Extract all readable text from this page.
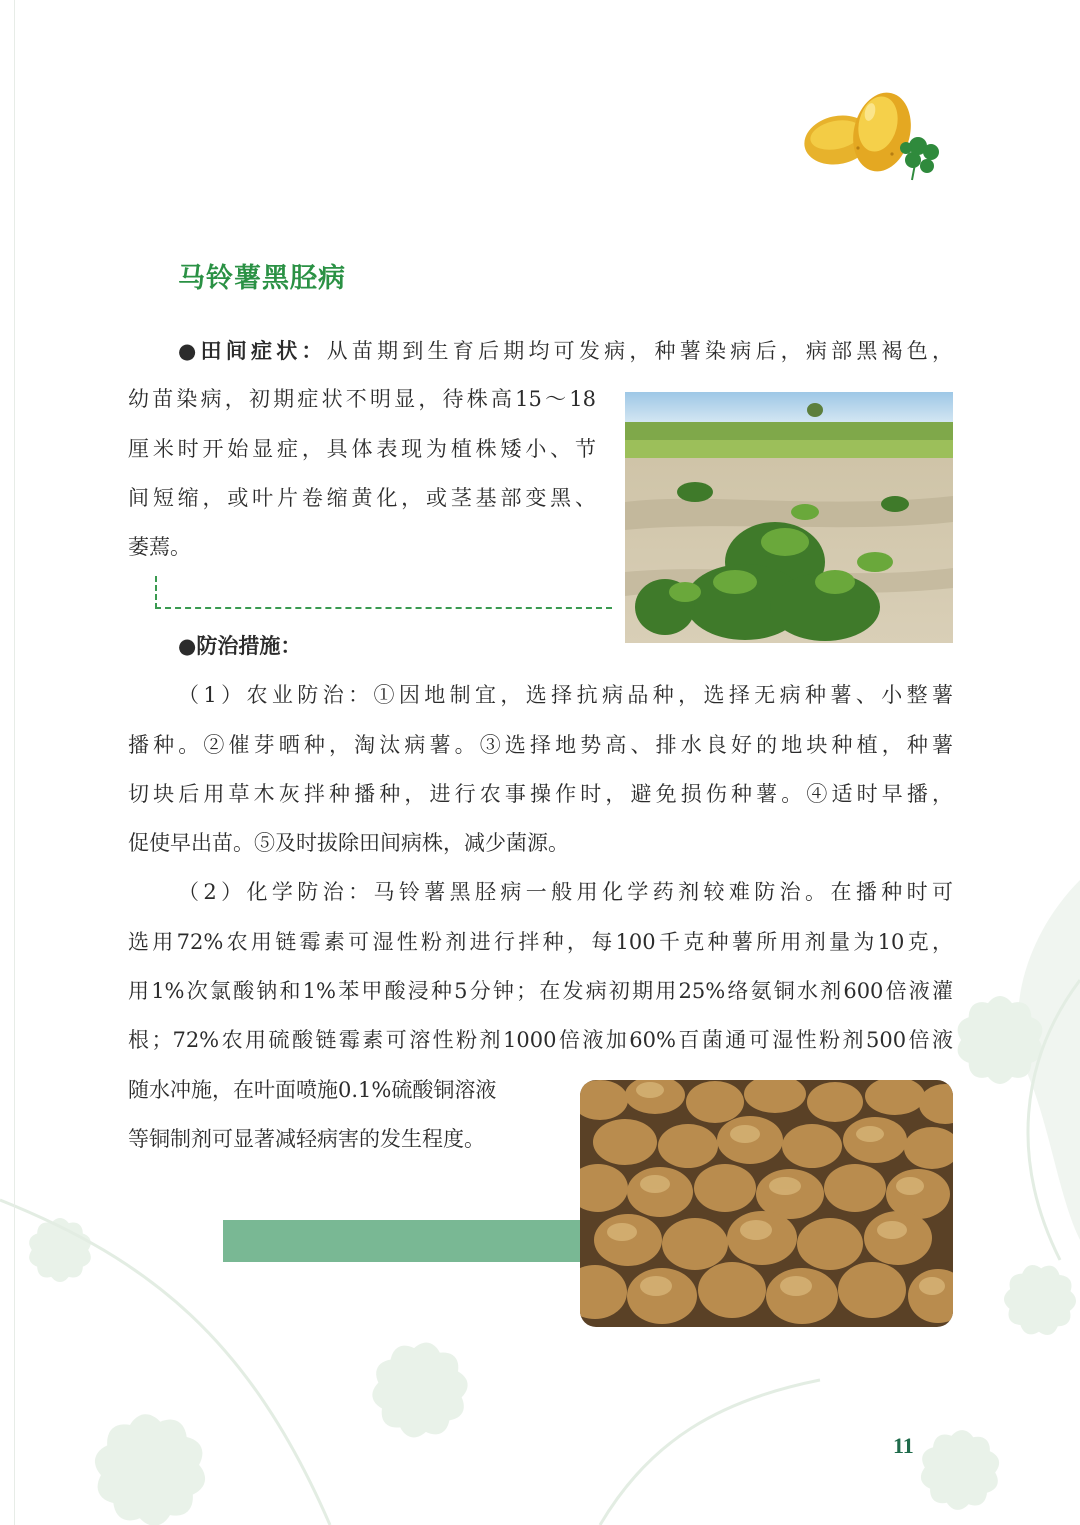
马铃薯黑胫病
●田间症状：从苗期到生育后期均可发病，种薯染病后，病部黑褐色，
幼苗染病，初期症状不明显，待株高15～18
厘米时开始显症，具体表现为植株矮小、节
间短缩，或叶片卷缩黄化，或茎基部变黑、
萎蔫。
●防治措施：
（1）农业防治：①因地制宜，选择抗病品种，选择无病种薯、小整薯
播种。②催芽晒种，淘汰病薯。③选择地势高、排水良好的地块种植，种薯
切块后用草木灰拌种播种，进行农事操作时，避免损伤种薯。④适时早播，
促使早出苗。⑤及时拔除田间病株，减少菌源。
（2）化学防治：马铃薯黑胫病一般用化学药剂较难防治。在播种时可
选用72%农用链霉素可湿性粉剂进行拌种，每100千克种薯所用剂量为10克，
用1%次氯酸钠和1%苯甲酸浸种5分钟；在发病初期用25%络氨铜水剂600倍液灌
根；72%农用硫酸链霉素可溶性粉剂1000倍液加60%百菌通可湿性粉剂500倍液
随水冲施，在叶面喷施0.1%硫酸铜溶液
等铜制剂可显著减轻病害的发生程度。
11
